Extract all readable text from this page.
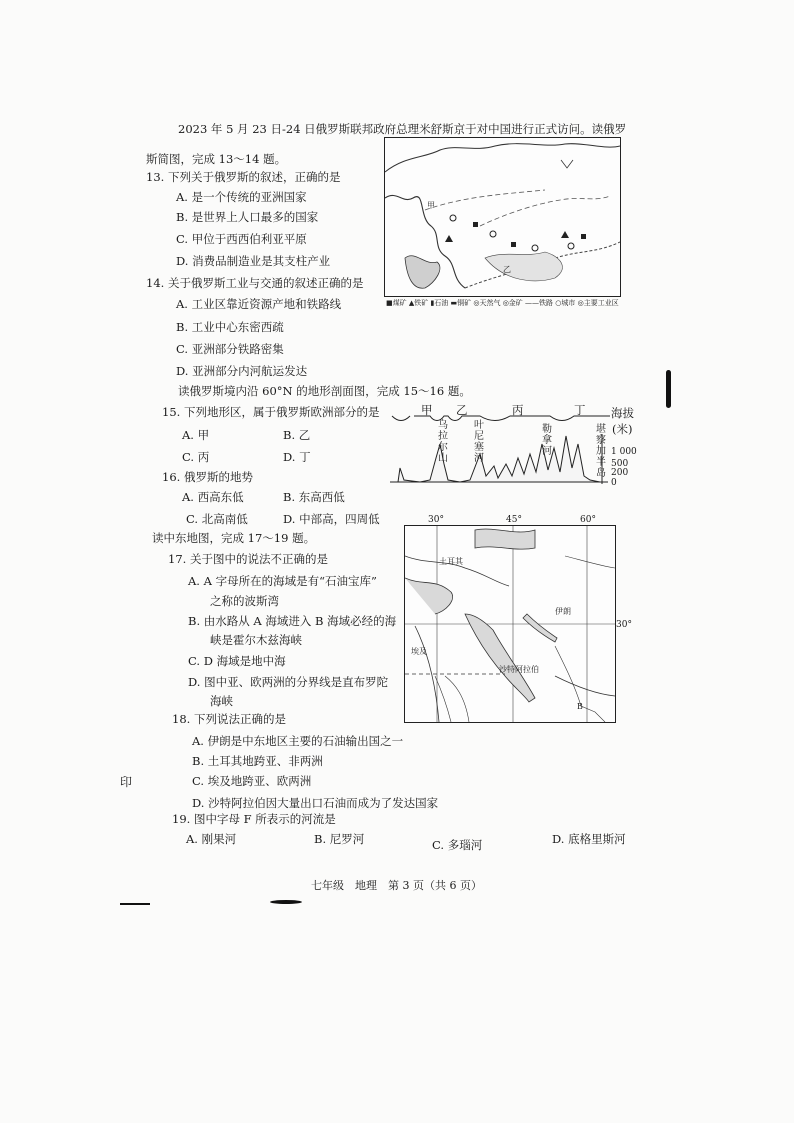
2023 年 5 月 23 日-24 日俄罗斯联邦政府总理米舒斯京于对中国进行正式访问。读俄罗
斯简图，完成 13～14 题。
13. 下列关于俄罗斯的叙述，正确的是
A. 是一个传统的亚洲国家
B. 是世界上人口最多的国家
C. 甲位于西西伯利亚平原
D. 消费品制造业是其支柱产业
14. 关于俄罗斯工业与交通的叙述正确的是
A. 工业区靠近资源产地和铁路线
B. 工业中心东密西疏
C. 亚洲部分铁路密集
D. 亚洲部分内河航运发达
甲
乙
■煤矿 ▲铁矿 ▮石油 ▬铜矿 ◎天然气 ◎金矿 ——铁路 ○城市 ◎主要工业区
读俄罗斯境内沿 60°N 的地形剖面图，完成 15～16 题。
甲 乙	丙	丁 海拔
(米)
乌拉尔山
叶尼塞河
勒拿河
堪察加半岛
1 000
500
200
0
15. 下列地形区，属于俄罗斯欧洲部分的是
A. 甲	B. 乙
C. 丙	D. 丁
16. 俄罗斯的地势
A. 西高东低	B. 东高西低
C. 北高南低	D. 中部高，四周低
读中东地图，完成 17～19 题。
30°	45°	60°
30°
土耳其
伊朗
埃及
沙特阿拉伯
B
17. 关于图中的说法不正确的是
A. A 字母所在的海域是有“石油宝库”
之称的波斯湾
B. 由水路从 A 海域进入 B 海域必经的海
峡是霍尔木兹海峡
C. D 海域是地中海
D. 图中亚、欧两洲的分界线是直布罗陀
海峡
18. 下列说法正确的是
A. 伊朗是中东地区主要的石油输出国之一
B. 土耳其地跨亚、非两洲
C. 埃及地跨亚、欧两洲
D. 沙特阿拉伯因大量出口石油而成为了发达国家
19. 图中字母 F 所表示的河流是
A. 刚果河	B. 尼罗河	C. 多瑙河	D. 底格里斯河
印
七年级　地理　第 3 页（共 6 页）
